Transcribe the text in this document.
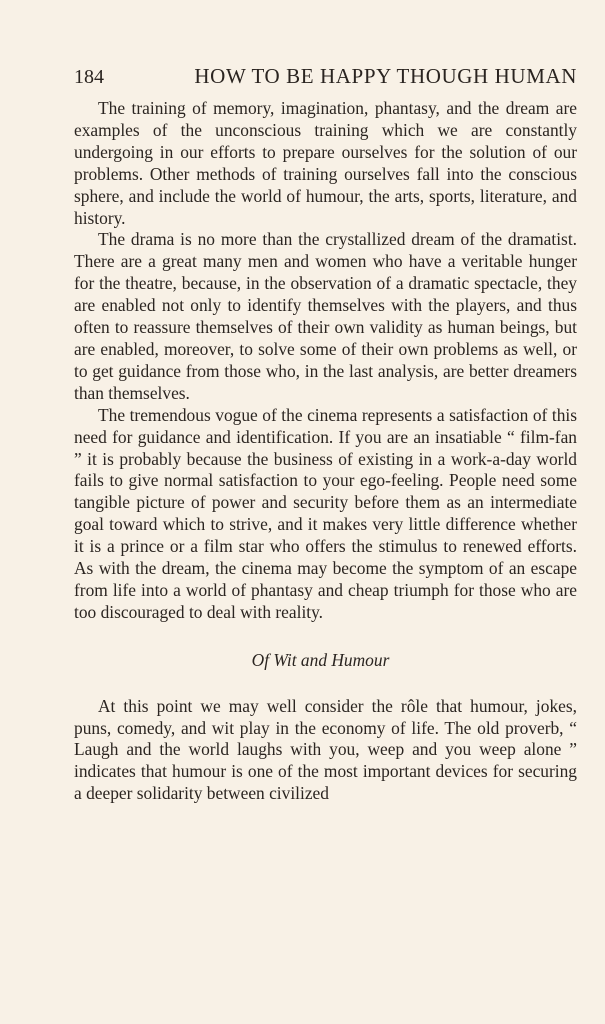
184	HOW TO BE HAPPY THOUGH HUMAN

The training of memory, imagination, phantasy, and the dream are examples of the unconscious training which we are constantly undergoing in our efforts to prepare ourselves for the solution of our problems. Other methods of training ourselves fall into the conscious sphere, and include the world of humour, the arts, sports, literature, and history.

The drama is no more than the crystallized dream of the dramatist. There are a great many men and women who have a veritable hunger for the theatre, because, in the observation of a dramatic spectacle, they are enabled not only to identify themselves with the players, and thus often to reassure themselves of their own validity as human beings, but are enabled, moreover, to solve some of their own problems as well, or to get guidance from those who, in the last analysis, are better dreamers than themselves.

The tremendous vogue of the cinema represents a satisfaction of this need for guidance and identification. If you are an insatiable “ film-fan ” it is probably because the business of existing in a work-a-day world fails to give normal satisfaction to your ego-feeling. People need some tangible picture of power and security before them as an intermediate goal toward which to strive, and it makes very little difference whether it is a prince or a film star who offers the stimulus to renewed efforts. As with the dream, the cinema may become the symptom of an escape from life into a world of phantasy and cheap triumph for those who are too discouraged to deal with reality.

Of Wit and Humour

At this point we may well consider the rôle that humour, jokes, puns, comedy, and wit play in the economy of life. The old proverb, “ Laugh and the world laughs with you, weep and you weep alone ” indicates that humour is one of the most important devices for securing a deeper solidarity between civilized
